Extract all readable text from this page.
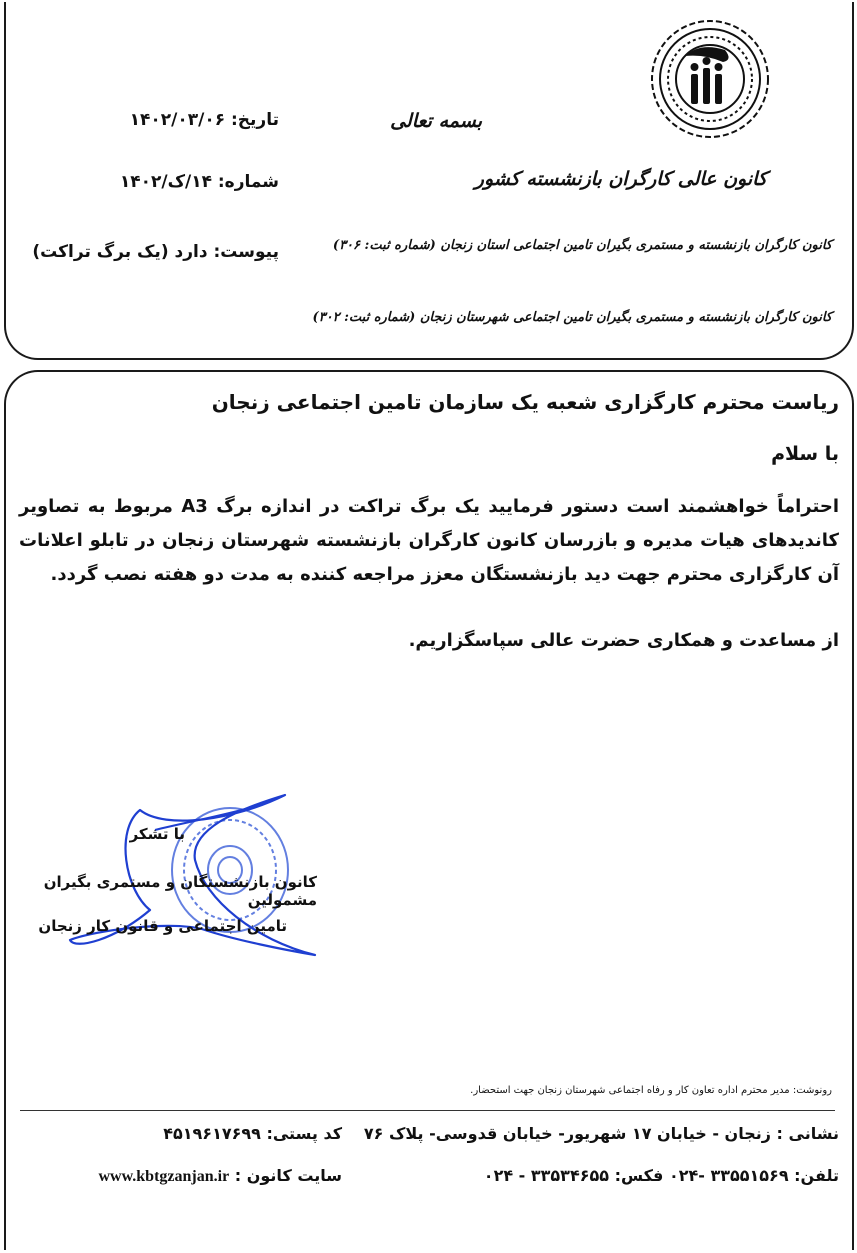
بسمه تعالی
کانون عالی کارگران بازنشسته کشور
کانون کارگران بازنشسته و مستمری بگیران تامین اجتماعی استان زنجان (شماره ثبت: ۳۰۶)
کانون کارگران بازنشسته و مستمری بگیران تامین اجتماعی شهرستان زنجان (شماره ثبت: ۳۰۲)
تاریخ: ۱۴۰۲/۰۳/۰۶
شماره: ۱۴/ک/۱۴۰۲
پیوست: دارد (یک برگ تراکت)
ریاست محترم کارگزاری شعبه یک سازمان تامین اجتماعی زنجان
با سلام
احتراماً خواهشمند است دستور فرمایید یک برگ تراکت در اندازه برگ A3 مربوط به تصاویر کاندیدهای هیات مدیره و بازرسان کانون کارگران بازنشسته شهرستان زنجان در تابلو اعلانات آن کارگزاری محترم جهت دید بازنشستگان معزز مراجعه کننده به مدت دو هفته نصب گردد.
از مساعدت و همکاری حضرت عالی سپاسگزاریم.
با تشکر
کانون بازنشستگان و مستمری بگیران مشمولین
تامین اجتماعی و قانون کار زنجان
رونوشت: مدیر محترم اداره تعاون کار و رفاه اجتماعی شهرستان زنجان جهت استحضار.
نشانی : زنجان - خیابان ۱۷ شهریور- خیابان قدوسی- پلاک ۷۶
کد پستی: ۴۵۱۹۶۱۷۶۹۹
تلفن: ۳۳۵۵۱۵۶۹ -۰۲۴ فکس: ۳۳۵۳۴۶۵۵ - ۰۲۴
سایت کانون : www.kbtgzanjan.ir
